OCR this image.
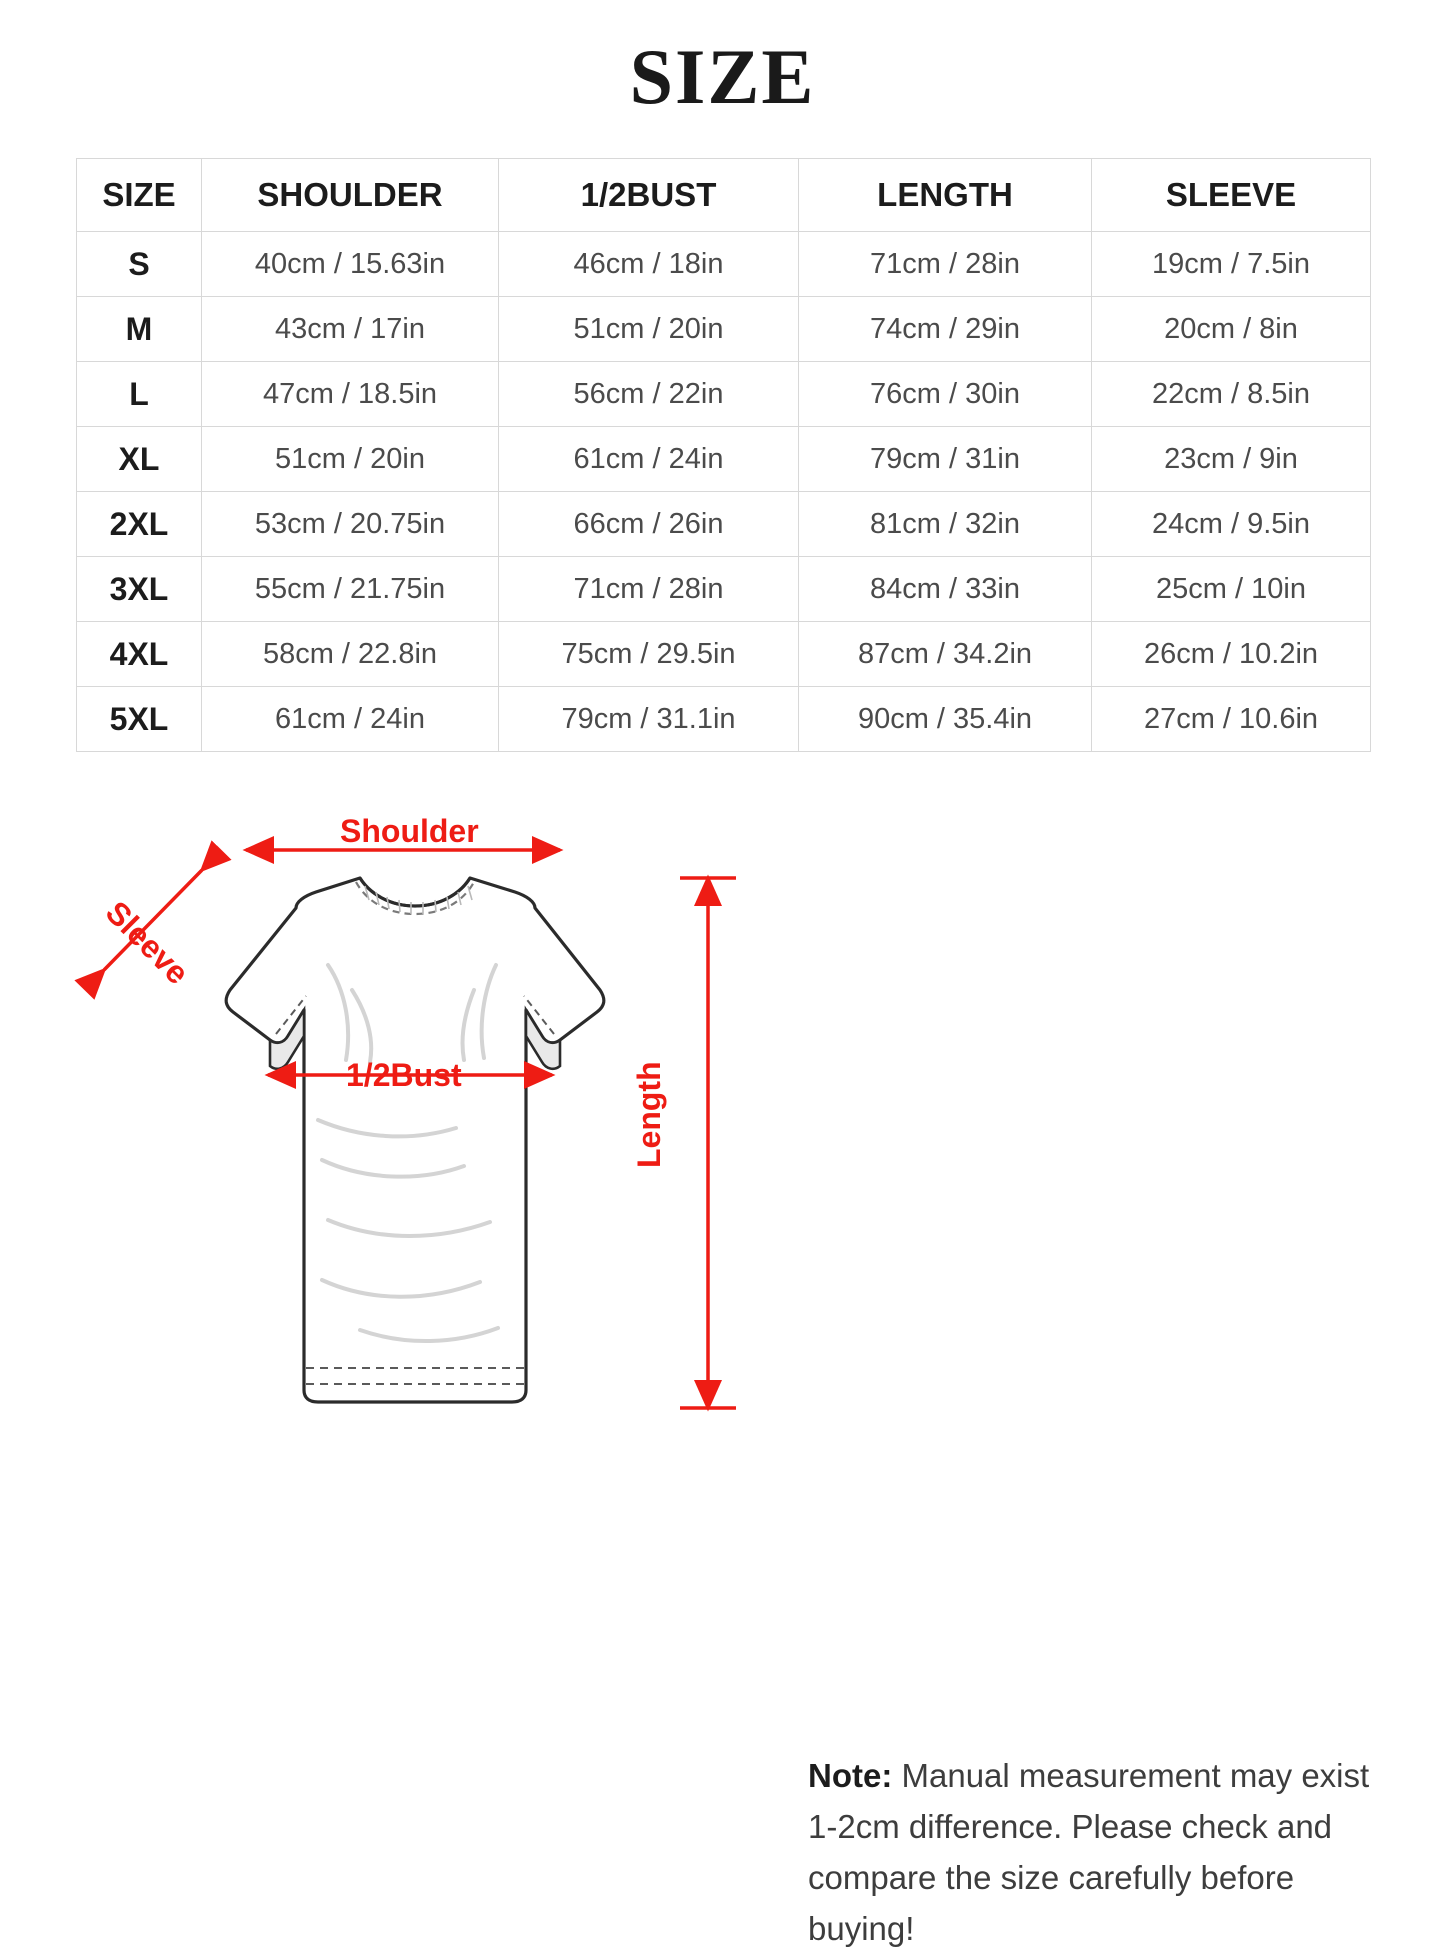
SIZE
SIZE	SHOULDER	1/2BUST	LENGTH	SLEEVE
S	40cm / 15.63in	46cm / 18in	71cm / 28in	19cm / 7.5in
M	43cm / 17in	51cm / 20in	74cm / 29in	20cm / 8in
L	47cm / 18.5in	56cm / 22in	76cm / 30in	22cm / 8.5in
XL	51cm / 20in	61cm / 24in	79cm / 31in	23cm / 9in
2XL	53cm / 20.75in	66cm / 26in	81cm / 32in	24cm / 9.5in
3XL	55cm / 21.75in	71cm / 28in	84cm / 33in	25cm / 10in
4XL	58cm / 22.8in	75cm / 29.5in	87cm / 34.2in	26cm / 10.2in
5XL	61cm / 24in	79cm / 31.1in	90cm / 35.4in	27cm / 10.6in
Shoulder
Sleeve
1/2Bust	Length
Note: Manual measurement may exist 1-2cm difference. Please check and compare the size carefully before buying!
